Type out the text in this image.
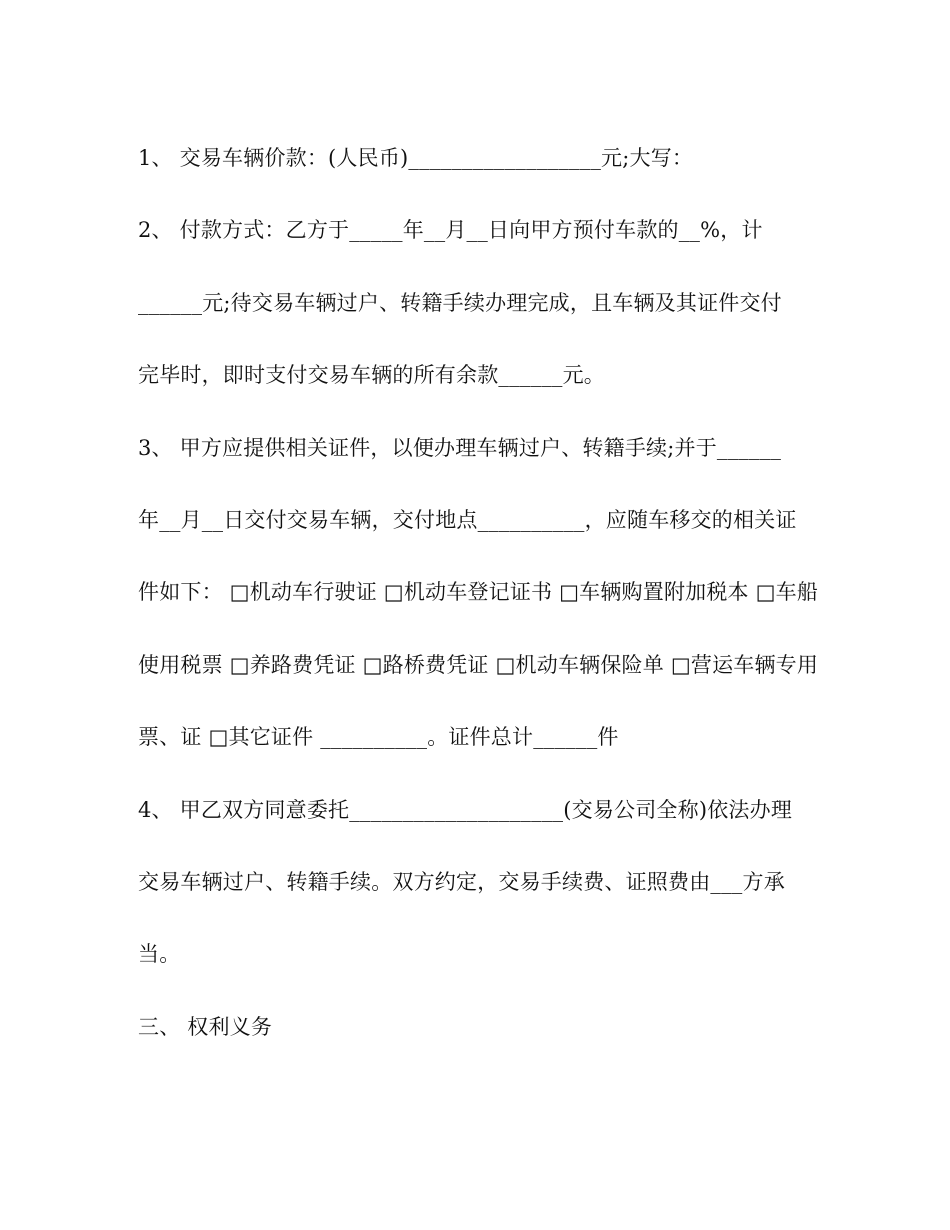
1、 交易车辆价款：(人民币)__________________元;大写：
2、 付款方式：乙方于_____年__月__日向甲方预付车款的__%，计
______元;待交易车辆过户、转籍手续办理完成，且车辆及其证件交付
完毕时，即时支付交易车辆的所有余款______元。
3、 甲方应提供相关证件，以便办理车辆过户、转籍手续;并于______
年__月__日交付交易车辆，交付地点__________，应随车移交的相关证
件如下： □机动车行驶证 □机动车登记证书 □车辆购置附加税本 □车船
使用税票 □养路费凭证 □路桥费凭证 □机动车辆保险单 □营运车辆专用
票、证 □其它证件 __________。证件总计______件
4、 甲乙双方同意委托____________________(交易公司全称)依法办理
交易车辆过户、转籍手续。双方约定，交易手续费、证照费由___方承
当。
三、 权利义务
